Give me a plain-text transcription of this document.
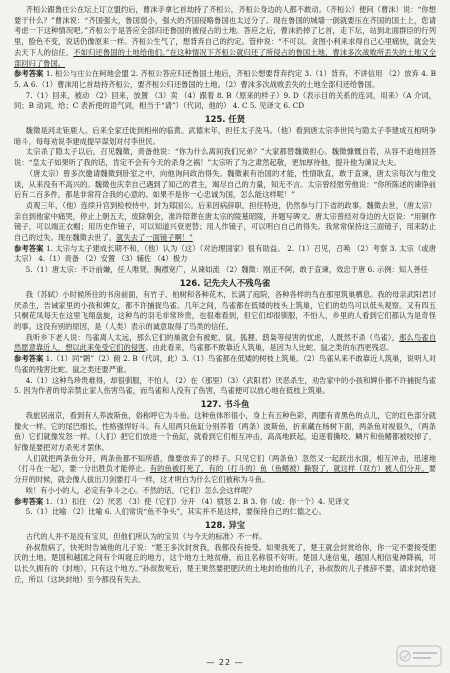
齐桓公跟鲁庄公在坛上订立盟约后，曹沫手拿匕首劫持了齐桓公，齐桓公身边的人都不敢动。（齐桓公）便问（曹沫）说：“你想要干什么？”曹沫说：“齐国强大，鲁国弱小，强大的齐国侵略鲁国也太过分了。现在鲁国的城墙一倒就要压在齐国的国土上，您请考虑一下这种情况吧。”齐桓公于是答应全部归还鲁国的被侵占的土地。答应之后，曹沫扔掉了匕首，走下坛，站到北面群臣的行列里，脸色不变，说话仍像原来一样。齐桓公生气了，想背弃自己的约定。管仲说：“不可以。贪图小利来求得自己心里痛快，就会失去天下人的信任，不如归还鲁国的土地给他们。”在这种情况下齐桓公就归还了所侵占的鲁国土地，曹沫多次战败所丢失的土地又全部回归了鲁国。

参考答案 1. 桓公与庄公在柯地会盟 2. 齐桓公答应归还鲁国土地后，齐桓公想要背弃约定 3.（1）背弃，不讲信用 （2）放弃 4. B 5. A 6.（1）曹沫用匕首劫持齐桓公，要齐桓公归还鲁国的土地。（2）曹沫多次战败丢失的土地全部归还给鲁国。

7.（1）回来，被动 （2）回来，放置 （3）卖 （4）跟着 8. B（原来的样子）9. D（表示目的关系的连词，用来）（A 介词，同；B 动词，给；C 表祈使的语气词，相当于“请”）（代词，他的） 4. C 5. 见译文 6. CD

125. 任贤

魏徵是河北钜鹿人。后来全家迁徙到相州的临黄。武德末年，担任太子洗马。（他）看到唐太宗李世民与隐太子李建成互相明争暗斗，每每劝说李建成提早谋划对付李世民。

太宗杀了隐太子以后，召见魏徵，责备他说：“你为什么离间我们兄弟？”大家都替魏徵担心。魏徵慷慨自若，从容不迫地回答说：“皇太子如果听了我的话，肯定不会有今天的杀身之祸！”太宗听了为之肃然起敬，更加厚待他，提升他为谏议大夫。

（唐太宗）曾多次邀请魏徵到卧室之中，向他询问政治得失。魏徵素有治国的才能，性情耿直，敢于直谏，唐太宗每次与他交谈，从来没有不高兴的。魏徵也庆幸自己遇到了知己的君主，竭尽自己的力量，知无不言。太宗曾经慰劳他说：“你所陈述的谏诤前后有二百多件，都是非常符合我的心意的。如果不是你一心忠诚为国，怎么能这样呢！”

贞观三年，（他）连续升官到检校侍中，封为郑国公。后来因病辞职，担任特进，仍然参与门下省的政事。魏徵去世，（唐太宗）亲自到他家中痛哭，停止上朝五天，废除朝会，准许陪葬在唐太宗的陵墓昭陵，并题写碑文。唐太宗曾经对身边的大臣说：“用铜作镜子，可以端正衣帽；用历史作镜子，可以知道兴衰更替；用人作镜子，可以明白自己的得失。我常常保持这三面镜子，用来防止自己的过失。现在魏徵去世了，就失去了一面镜子啊！”

参考答案 1. 太宗与太子建成长期不和，（他）认为（这）（对治理国家）很有助益。 2.（1）召见，召唤 （2）考察 3. 太宗（或唐太宗） 4.（1）责备 （2）安置 （3）辅佐 （4）极力

5.（1）唐太宗：不计前嫌，任人唯贤，胸襟宽广，从谏如流 （2）魏徵：刚正不阿，敢于直谏，效忠于唐 6. 示例：知人善任

126. 记先夫人不残鸟雀

我（苏轼）小时候所住的书房前面，有竹子、柏树和各种花木，长满了庭院，各种各样的鸟在那里筑巢栖息。我的母亲武阳君讨厌杀生，告诫家里的小孩和婢女，都不许捕捉鸟雀。几年之间，鸟雀都在低矮的枝头上筑巢，它们的幼鸟可以低头观察。又有四五只桐花凤每天在这里飞翔盘旋，这种鸟的羽毛非常珍贵，也很难看到，但它们却很驯服，不怕人，乡里的人看到它们都认为是奇怪的事。这没有别的原因，是（人类）表示的诚意取得了鸟类的信任。

我听乡下老人说：鸟雀离人太远，那么它们的巢就会有被蛇、鼠、狐狸、鸱枭等侵害的忧虑，人既然不杀（鸟雀），那么鸟雀自然愿意靠近人，想以此来免受它们的侵害。由此看来，鸟雀都不敢靠近人筑巢，是因为人比蛇、鼠之类的东西更残忍。

参考答案 1.（1）同“鹮”（2）俯 2. B（代词，此）3.（1）鸟雀都在低矮的树枝上筑巢。（2）鸟雀从来不敢靠近人筑巢，说明人对鸟雀的残害比蛇、鼠之类还要严重。

4.（1）这种鸟珍贵难得，却很驯服，不怕人 （2）在（那里）（3）（武阳君）厌恶杀生，劝告家中的小孩和婢仆都不许捕捉鸟雀 5. 因为作者的母亲禁止家人伤害鸟雀，而鸟雀和人没有了伤害，鸟雀便可以放心地在低枝上筑巢。

127. 书斗鱼

我旅居南京，看到有人养波斯鱼，俗称呼它为斗鱼。这种鱼体形很小，身上有五种色彩，两腮有青黑色的点儿，它的红色部分就像火一样。它的尾巴细长，性格强悍好斗。有人用两只鱼缸分别养着（两条）波斯鱼，折来藏在杨树下面，两条鱼对视很久，（两条鱼）它们就像发怒一样。（人们）把它们放进一个鱼缸，就看到它们相互冲击，高高地跃起，追逐着撕咬，鳞片和鱼鳍都被咬掉了，好像是要把对方杀死才罢休。

人们就把两条鱼分开，两条鱼都不知所措，像要放弃了的样子。只见它们（两条鱼）忽然又一起跃出水面，相互冲击，迅速地（打斗在一起），要一分出胜负才能停止。有的鱼被打死了，有的（打斗的）鱼（鱼鳍被）撕裂了，就这样（双方）被人们分开。要分开的时候，就会像人拔出刀剑要打斗一样，这才明白为什么它们被称为斗鱼。

唉！有小小的人，必定有争斗之心。不然的话，（它们）怎么会这样呢？

参考答案 1.（1）扣住 （2）厌恶 （3）使（它们）分开 （4）愤怒 2. B 3. 你（或：你一个）4. 见译文

5.（1）比喻 （2）比喻 6. 人们常说“鱼不争头”，其实并不是这样，要保持自己的仁德之心。

128. 异宝

古代的人并不是没有宝贝，但他们所认为的宝贝（与今天的标准）不一样。

孙叔敖病了，快死时告诫他的儿子说：“楚王多次封赏我，我都没有接受。如果我死了，楚王就会封赏给你，你一定不要接受肥沃的土地。楚国和越国之间有个叫寝丘的地方，这个地方土地贫瘠，而且名称很不好听。楚国人迷信鬼，越国人相信鬼神降祸，可以长久拥有的（封地），只有这个地方。”孙叔敖死后，楚王果然要把肥沃的土地封给他的儿子，孙叔敖的儿子推辞不要，请求封给寝丘，所以（这块封地）至今都没有失去。

— 22 —
